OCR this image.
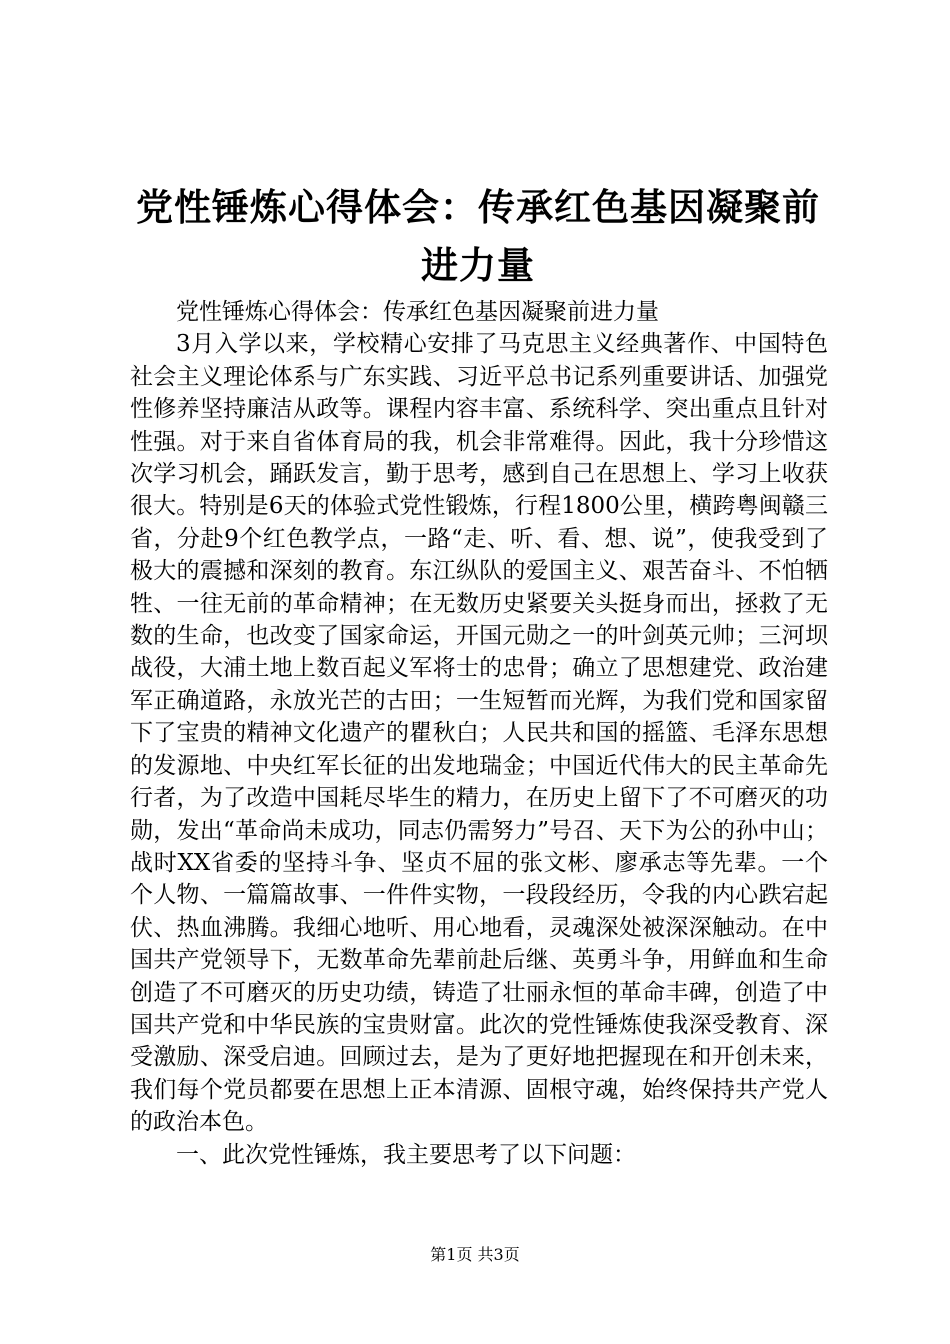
党性锤炼心得体会：传承红色基因凝聚前进力量

党性锤炼心得体会：传承红色基因凝聚前进力量

3月入学以来，学校精心安排了马克思主义经典著作、中国特色社会主义理论体系与广东实践、习近平总书记系列重要讲话、加强党性修养坚持廉洁从政等。课程内容丰富、系统科学、突出重点且针对性强。对于来自省体育局的我，机会非常难得。因此，我十分珍惜这次学习机会，踊跃发言，勤于思考，感到自己在思想上、学习上收获很大。特别是6天的体验式党性锻炼，行程1800公里，横跨粤闽赣三省，分赴9个红色教学点，一路“走、听、看、想、说”，使我受到了极大的震撼和深刻的教育。东江纵队的爱国主义、艰苦奋斗、不怕牺牲、一往无前的革命精神；在无数历史紧要关头挺身而出，拯救了无数的生命，也改变了国家命运，开国元勋之一的叶剑英元帅；三河坝战役，大浦土地上数百起义军将士的忠骨；确立了思想建党、政治建军正确道路，永放光芒的古田；一生短暂而光辉，为我们党和国家留下了宝贵的精神文化遗产的瞿秋白；人民共和国的摇篮、毛泽东思想的发源地、中央红军长征的出发地瑞金；中国近代伟大的民主革命先行者，为了改造中国耗尽毕生的精力，在历史上留下了不可磨灭的功勋，发出“革命尚未成功，同志仍需努力”号召、天下为公的孙中山；战时XX省委的坚持斗争、坚贞不屈的张文彬、廖承志等先辈。一个个人物、一篇篇故事、一件件实物，一段段经历，令我的内心跌宕起伏、热血沸腾。我细心地听、用心地看，灵魂深处被深深触动。在中国共产党领导下，无数革命先辈前赴后继、英勇斗争，用鲜血和生命创造了不可磨灭的历史功绩，铸造了壮丽永恒的革命丰碑，创造了中国共产党和中华民族的宝贵财富。此次的党性锤炼使我深受教育、深受激励、深受启迪。回顾过去，是为了更好地把握现在和开创未来，我们每个党员都要在思想上正本清源、固根守魂，始终保持共产党人的政治本色。

一、此次党性锤炼，我主要思考了以下问题：

第1页 共3页
